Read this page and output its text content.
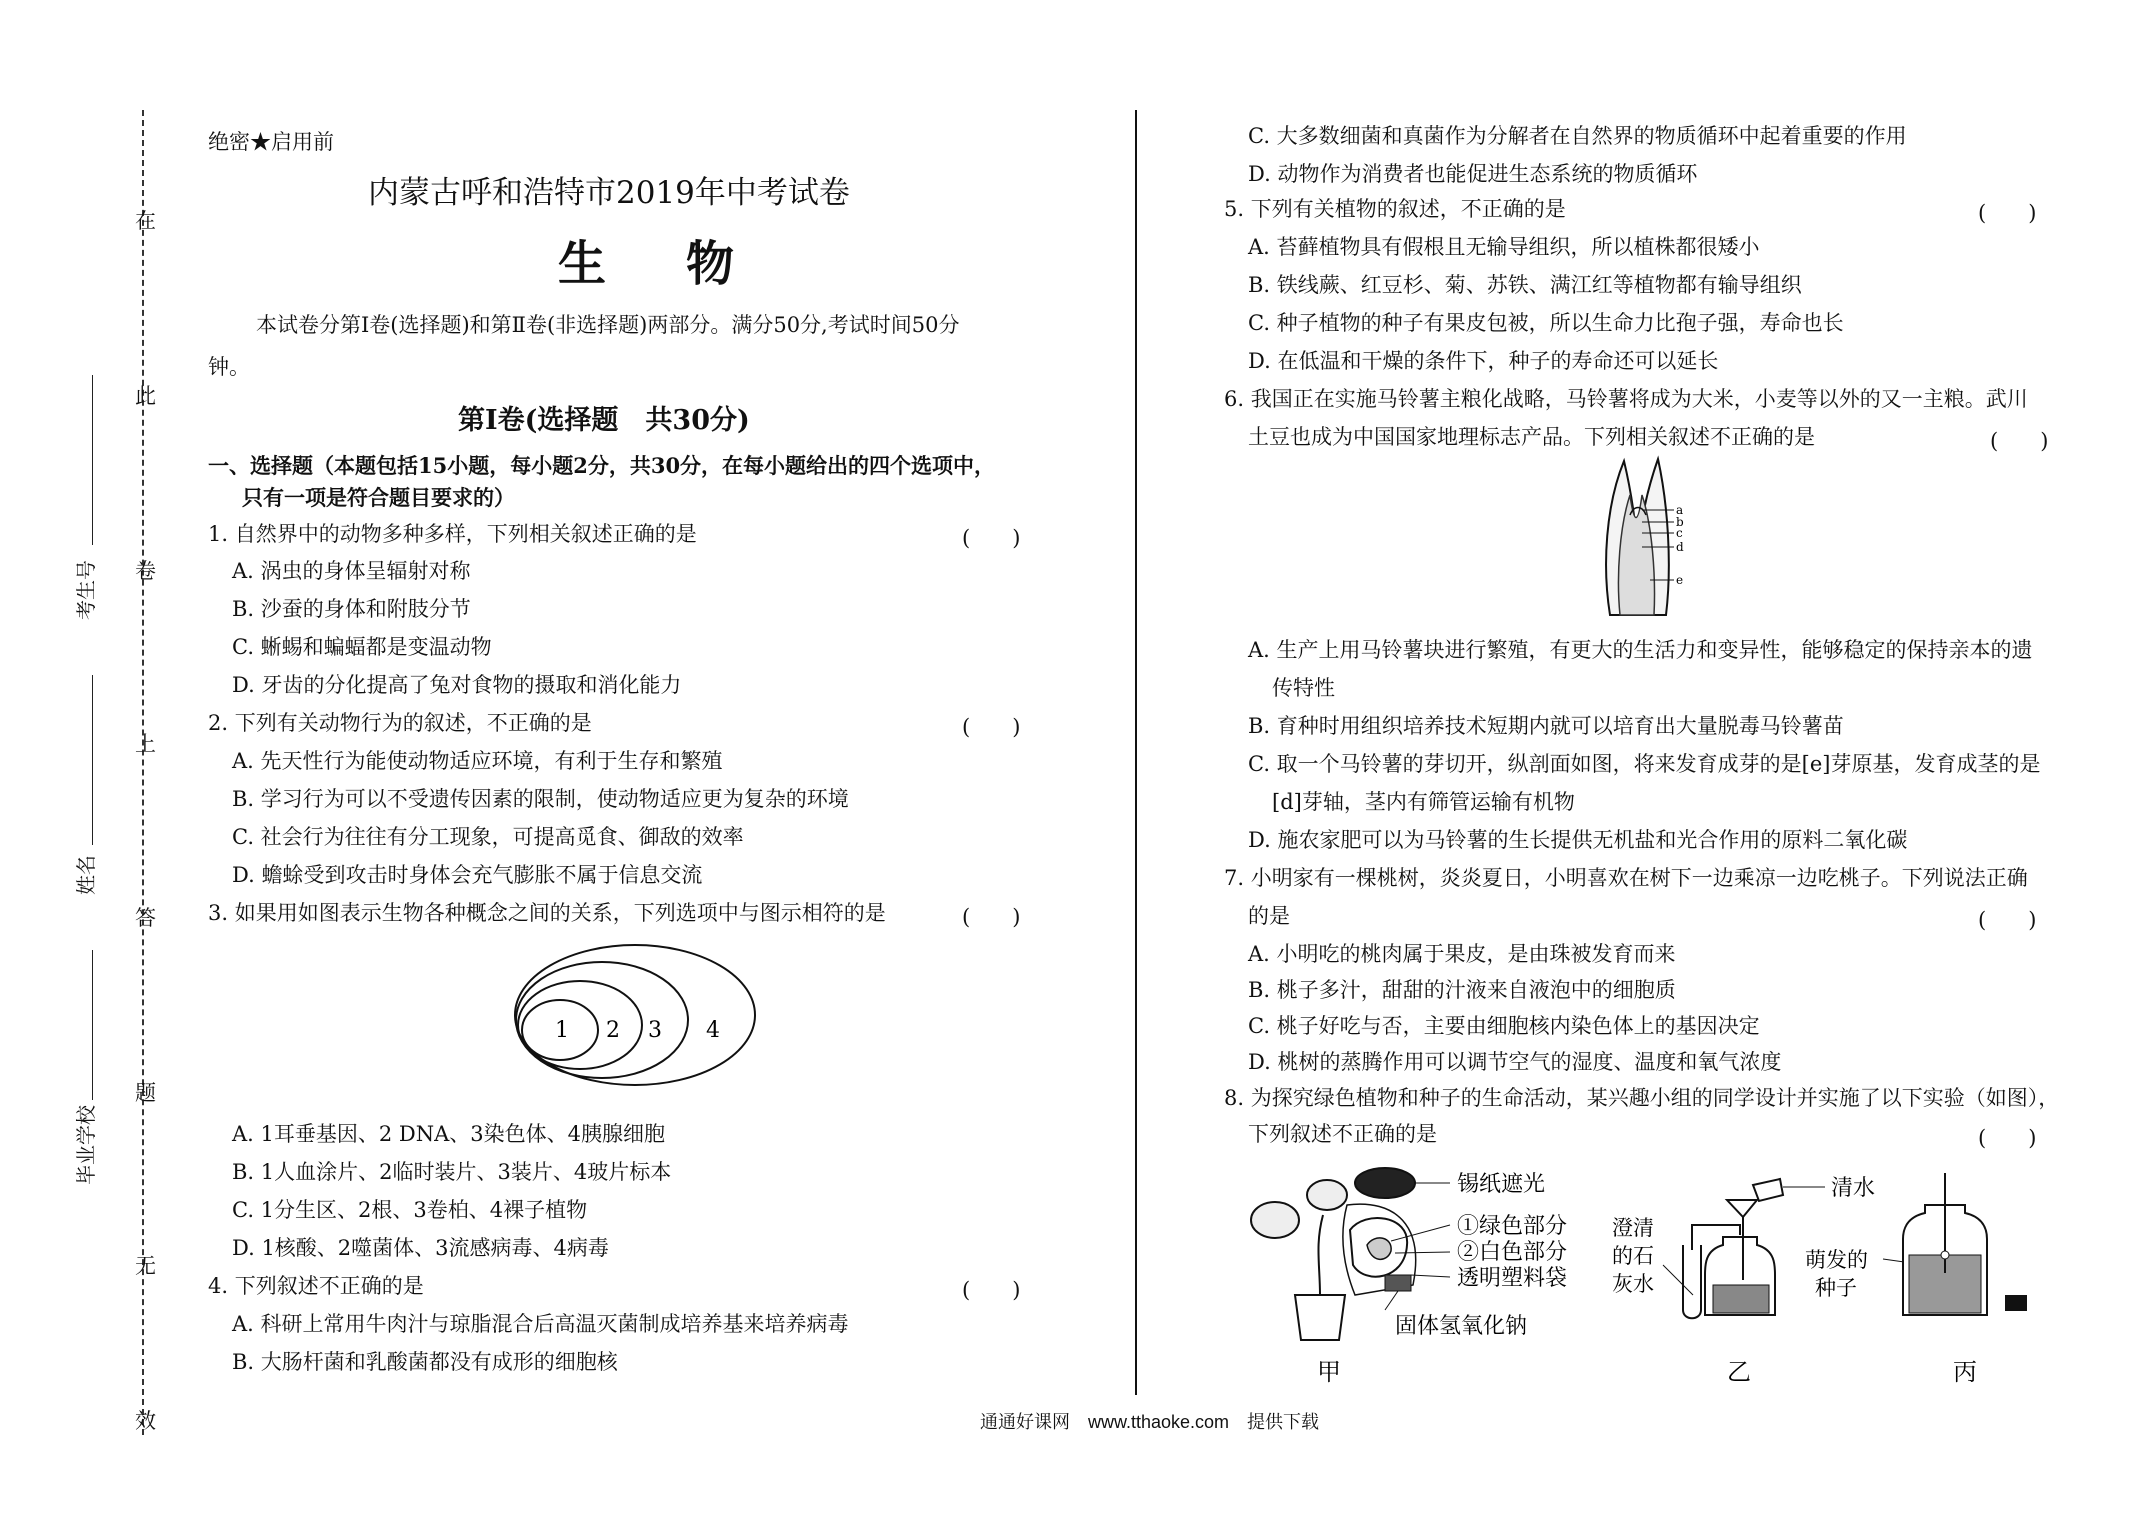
在
此
卷
上
答
题
无
效
考生号
姓名
毕业学校
绝密★启用前
内蒙古呼和浩特市2019年中考试卷
生物
本试卷分第Ⅰ卷(选择题)和第Ⅱ卷(非选择题)两部分。满分50分,考试时间50分
钟。
第Ⅰ卷(选择题　共30分)
一、选择题（本题包括15小题，每小题2分，共30分，在每小题给出的四个选项中，
只有一项是符合题目要求的）
1. 自然界中的动物多种多样，下列相关叙述正确的是	(　　)
A. 涡虫的身体呈辐射对称
B. 沙蚕的身体和附肢分节
C. 蜥蜴和蝙蝠都是变温动物
D. 牙齿的分化提高了兔对食物的摄取和消化能力
2. 下列有关动物行为的叙述，不正确的是	(　　)
A. 先天性行为能使动物适应环境，有利于生存和繁殖
B. 学习行为可以不受遗传因素的限制，使动物适应更为复杂的环境
C. 社会行为往往有分工现象，可提高觅食、御敌的效率
D. 蟾蜍受到攻击时身体会充气膨胀不属于信息交流
3. 如果用如图表示生物各种概念之间的关系，下列选项中与图示相符的是	(　　)
1 2 3 4
A. 1耳垂基因、2 DNA、3染色体、4胰腺细胞
B. 1人血涂片、2临时装片、3装片、4玻片标本
C. 1分生区、2根、3卷柏、4裸子植物
D. 1核酸、2噬菌体、3流感病毒、4病毒
4. 下列叙述不正确的是	(　　)
A. 科研上常用牛肉汁与琼脂混合后高温灭菌制成培养基来培养病毒
B. 大肠杆菌和乳酸菌都没有成形的细胞核
C. 大多数细菌和真菌作为分解者在自然界的物质循环中起着重要的作用
D. 动物作为消费者也能促进生态系统的物质循环
5. 下列有关植物的叙述，不正确的是	(　　)
A. 苔藓植物具有假根且无输导组织，所以植株都很矮小
B. 铁线蕨、红豆杉、菊、苏铁、满江红等植物都有输导组织
C. 种子植物的种子有果皮包被，所以生命力比孢子强，寿命也长
D. 在低温和干燥的条件下，种子的寿命还可以延长
6. 我国正在实施马铃薯主粮化战略，马铃薯将成为大米，小麦等以外的又一主粮。武川
土豆也成为中国国家地理标志产品。下列相关叙述不正确的是	(　　)
a
b
c
d
e
A. 生产上用马铃薯块进行繁殖，有更大的生活力和变异性，能够稳定的保持亲本的遗
传特性
B. 育种时用组织培养技术短期内就可以培育出大量脱毒马铃薯苗
C. 取一个马铃薯的芽切开，纵剖面如图，将来发育成芽的是[e]芽原基，发育成茎的是
[d]芽轴，茎内有筛管运输有机物
D. 施农家肥可以为马铃薯的生长提供无机盐和光合作用的原料二氧化碳
7. 小明家有一棵桃树，炎炎夏日，小明喜欢在树下一边乘凉一边吃桃子。下列说法正确
的是	(　　)
A. 小明吃的桃肉属于果皮，是由珠被发育而来
B. 桃子多汁，甜甜的汁液来自液泡中的细胞质
C. 桃子好吃与否，主要由细胞核内染色体上的基因决定
D. 桃树的蒸腾作用可以调节空气的湿度、温度和氧气浓度
8. 为探究绿色植物和种子的生命活动，某兴趣小组的同学设计并实施了以下实验（如图），
下列叙述不正确的是	(　　)
锡纸遮光
①绿色部分
②白色部分
透明塑料袋
固体氢氧化钠
甲
澄清
的石
灰水
清水
乙
萌发的
种子
丙
通通好课网　www.tthaoke.com　提供下载
